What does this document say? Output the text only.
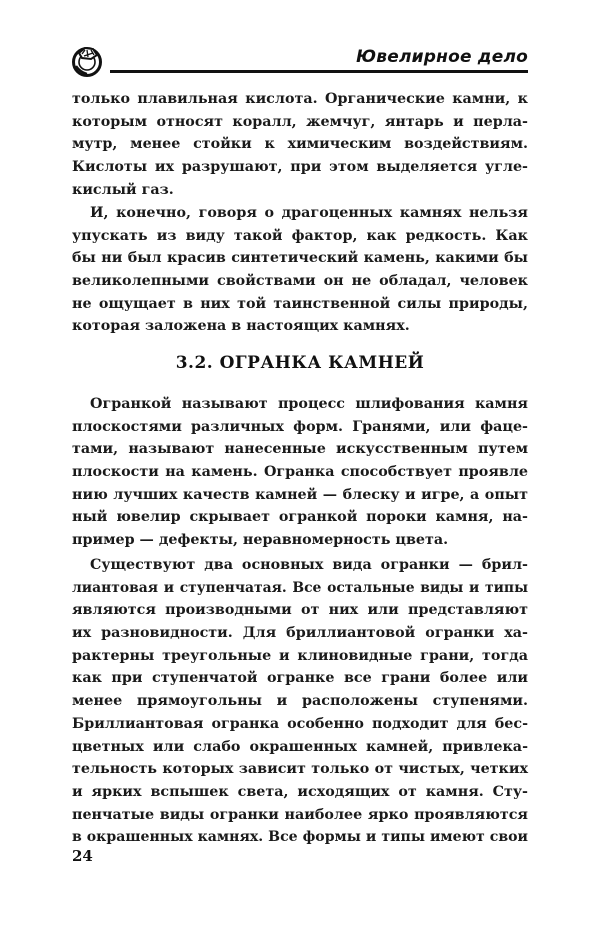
Ювелирное дело
только плавильная кислота. Органические камни, к
которым относят коралл, жемчуг, янтарь и перла-
мутр, менее стойки к химическим воздействиям.
Кислоты их разрушают, при этом выделяется угле-
кислый газ.
И, конечно, говоря о драгоценных камнях нельзя
упускать из виду такой фактор, как редкость. Как
бы ни был красив синтетический камень, какими бы
великолепными свойствами он не обладал, человек
не ощущает в них той таинственной силы природы,
которая заложена в настоящих камнях.
3.2. ОГРАНКА КАМНЕЙ
Огранкой называют процесс шлифования камня
плоскостями различных форм. Гранями, или фаце-
тами, называют нанесенные искусственным путем
плоскости на камень. Огранка способствует проявле
нию лучших качеств камней — блеску и игре, а опыт
ный ювелир скрывает огранкой пороки камня, на-
пример — дефекты, неравномерность цвета.
Существуют два основных вида огранки — брил-
лиантовая и ступенчатая. Все остальные виды и типы
являются производными от них или представляют
их разновидности. Для бриллиантовой огранки ха-
рактерны треугольные и клиновидные грани, тогда
как при ступенчатой огранке все грани более или
менее прямоугольны и расположены ступенями.
Бриллиантовая огранка особенно подходит для бес-
цветных или слабо окрашенных камней, привлека-
тельность которых зависит только от чистых, четких
и ярких вспышек света, исходящих от камня. Сту-
пенчатые виды огранки наиболее ярко проявляются
в окрашенных камнях. Все формы и типы имеют свои
24
